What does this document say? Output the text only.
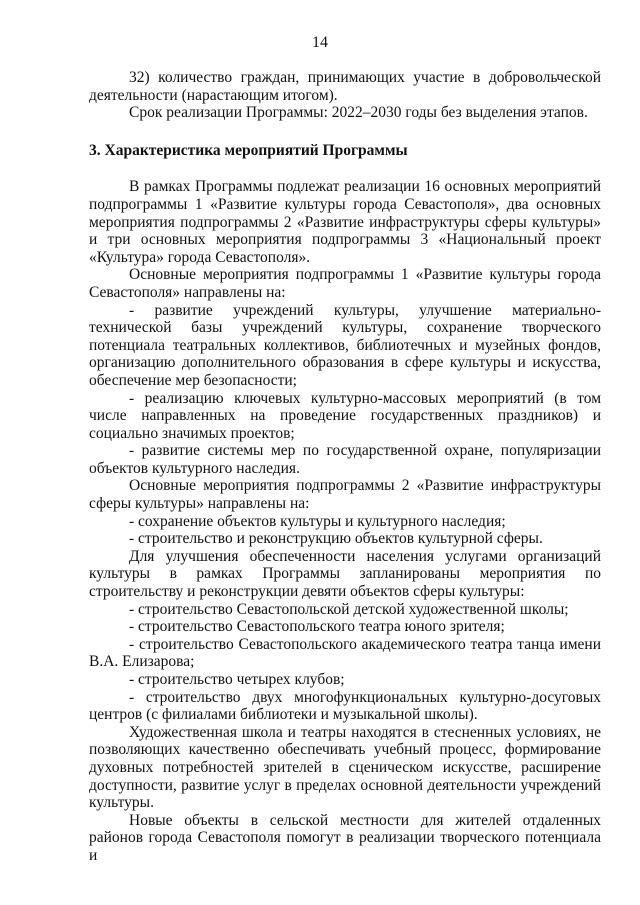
14

32) количество граждан, принимающих участие в добровольческой деятельности (нарастающим итогом).

Срок реализации Программы: 2022–2030 годы без выделения этапов.

3. Характеристика мероприятий Программы

В рамках Программы подлежат реализации 16 основных мероприятий подпрограммы 1 «Развитие культуры города Севастополя», два основных мероприятия подпрограммы 2 «Развитие инфраструктуры сферы культуры» и три основных мероприятия подпрограммы 3 «Национальный проект «Культура» города Севастополя».

Основные мероприятия подпрограммы 1 «Развитие культуры города Севастополя» направлены на:

- развитие учреждений культуры, улучшение материально-технической базы учреждений культуры, сохранение творческого потенциала театральных коллективов, библиотечных и музейных фондов, организацию дополнительного образования в сфере культуры и искусства, обеспечение мер безопасности;

- реализацию ключевых культурно-массовых мероприятий (в том числе направленных на проведение государственных праздников) и социально значимых проектов;

- развитие системы мер по государственной охране, популяризации объектов культурного наследия.

Основные мероприятия подпрограммы 2 «Развитие инфраструктуры сферы культуры» направлены на:

- сохранение объектов культуры и культурного наследия;

- строительство и реконструкцию объектов культурной сферы.

Для улучшения обеспеченности населения услугами организаций культуры в рамках Программы запланированы мероприятия по строительству и реконструкции девяти объектов сферы культуры:

- строительство Севастопольской детской художественной школы;

- строительство Севастопольского театра юного зрителя;

- строительство Севастопольского академического театра танца имени В.А. Елизарова;

- строительство четырех клубов;

- строительство двух многофункциональных культурно-досуговых центров (с филиалами библиотеки и музыкальной школы).

Художественная школа и театры находятся в стесненных условиях, не позволяющих качественно обеспечивать учебный процесс, формирование духовных потребностей зрителей в сценическом искусстве, расширение доступности, развитие услуг в пределах основной деятельности учреждений культуры.

Новые объекты в сельской местности для жителей отдаленных районов города Севастополя помогут в реализации творческого потенциала и
